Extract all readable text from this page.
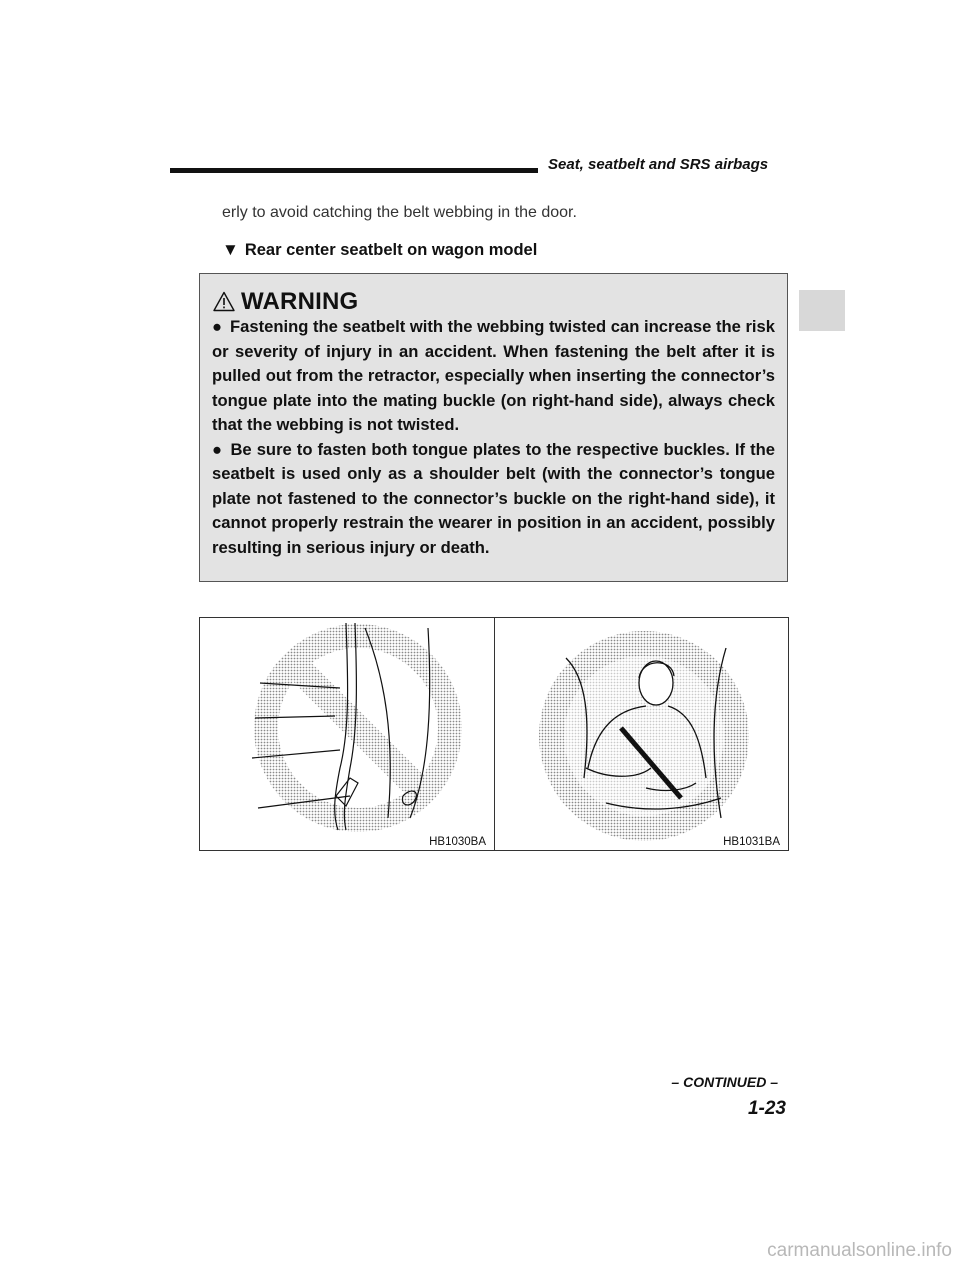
Seat, seatbelt and SRS airbags
erly to avoid catching the belt webbing in the door.
▼ Rear center seatbelt on wagon model
WARNING

● Fastening the seatbelt with the webbing twisted can increase the risk or severity of injury in an accident. When fastening the belt after it is pulled out from the retractor, especially when inserting the connector’s tongue plate into the mating buckle (on right-hand side), always check that the webbing is not twisted.

● Be sure to fasten both tongue plates to the respective buckles. If the seatbelt is used only as a shoulder belt (with the connector’s tongue plate not fastened to the connector’s buckle on the right-hand side), it cannot properly restrain the wearer in position in an accident, possibly resulting in serious injury or death.

HB1030BA	HB1031BA
– CONTINUED –
1-23
carmanualsonline.info
